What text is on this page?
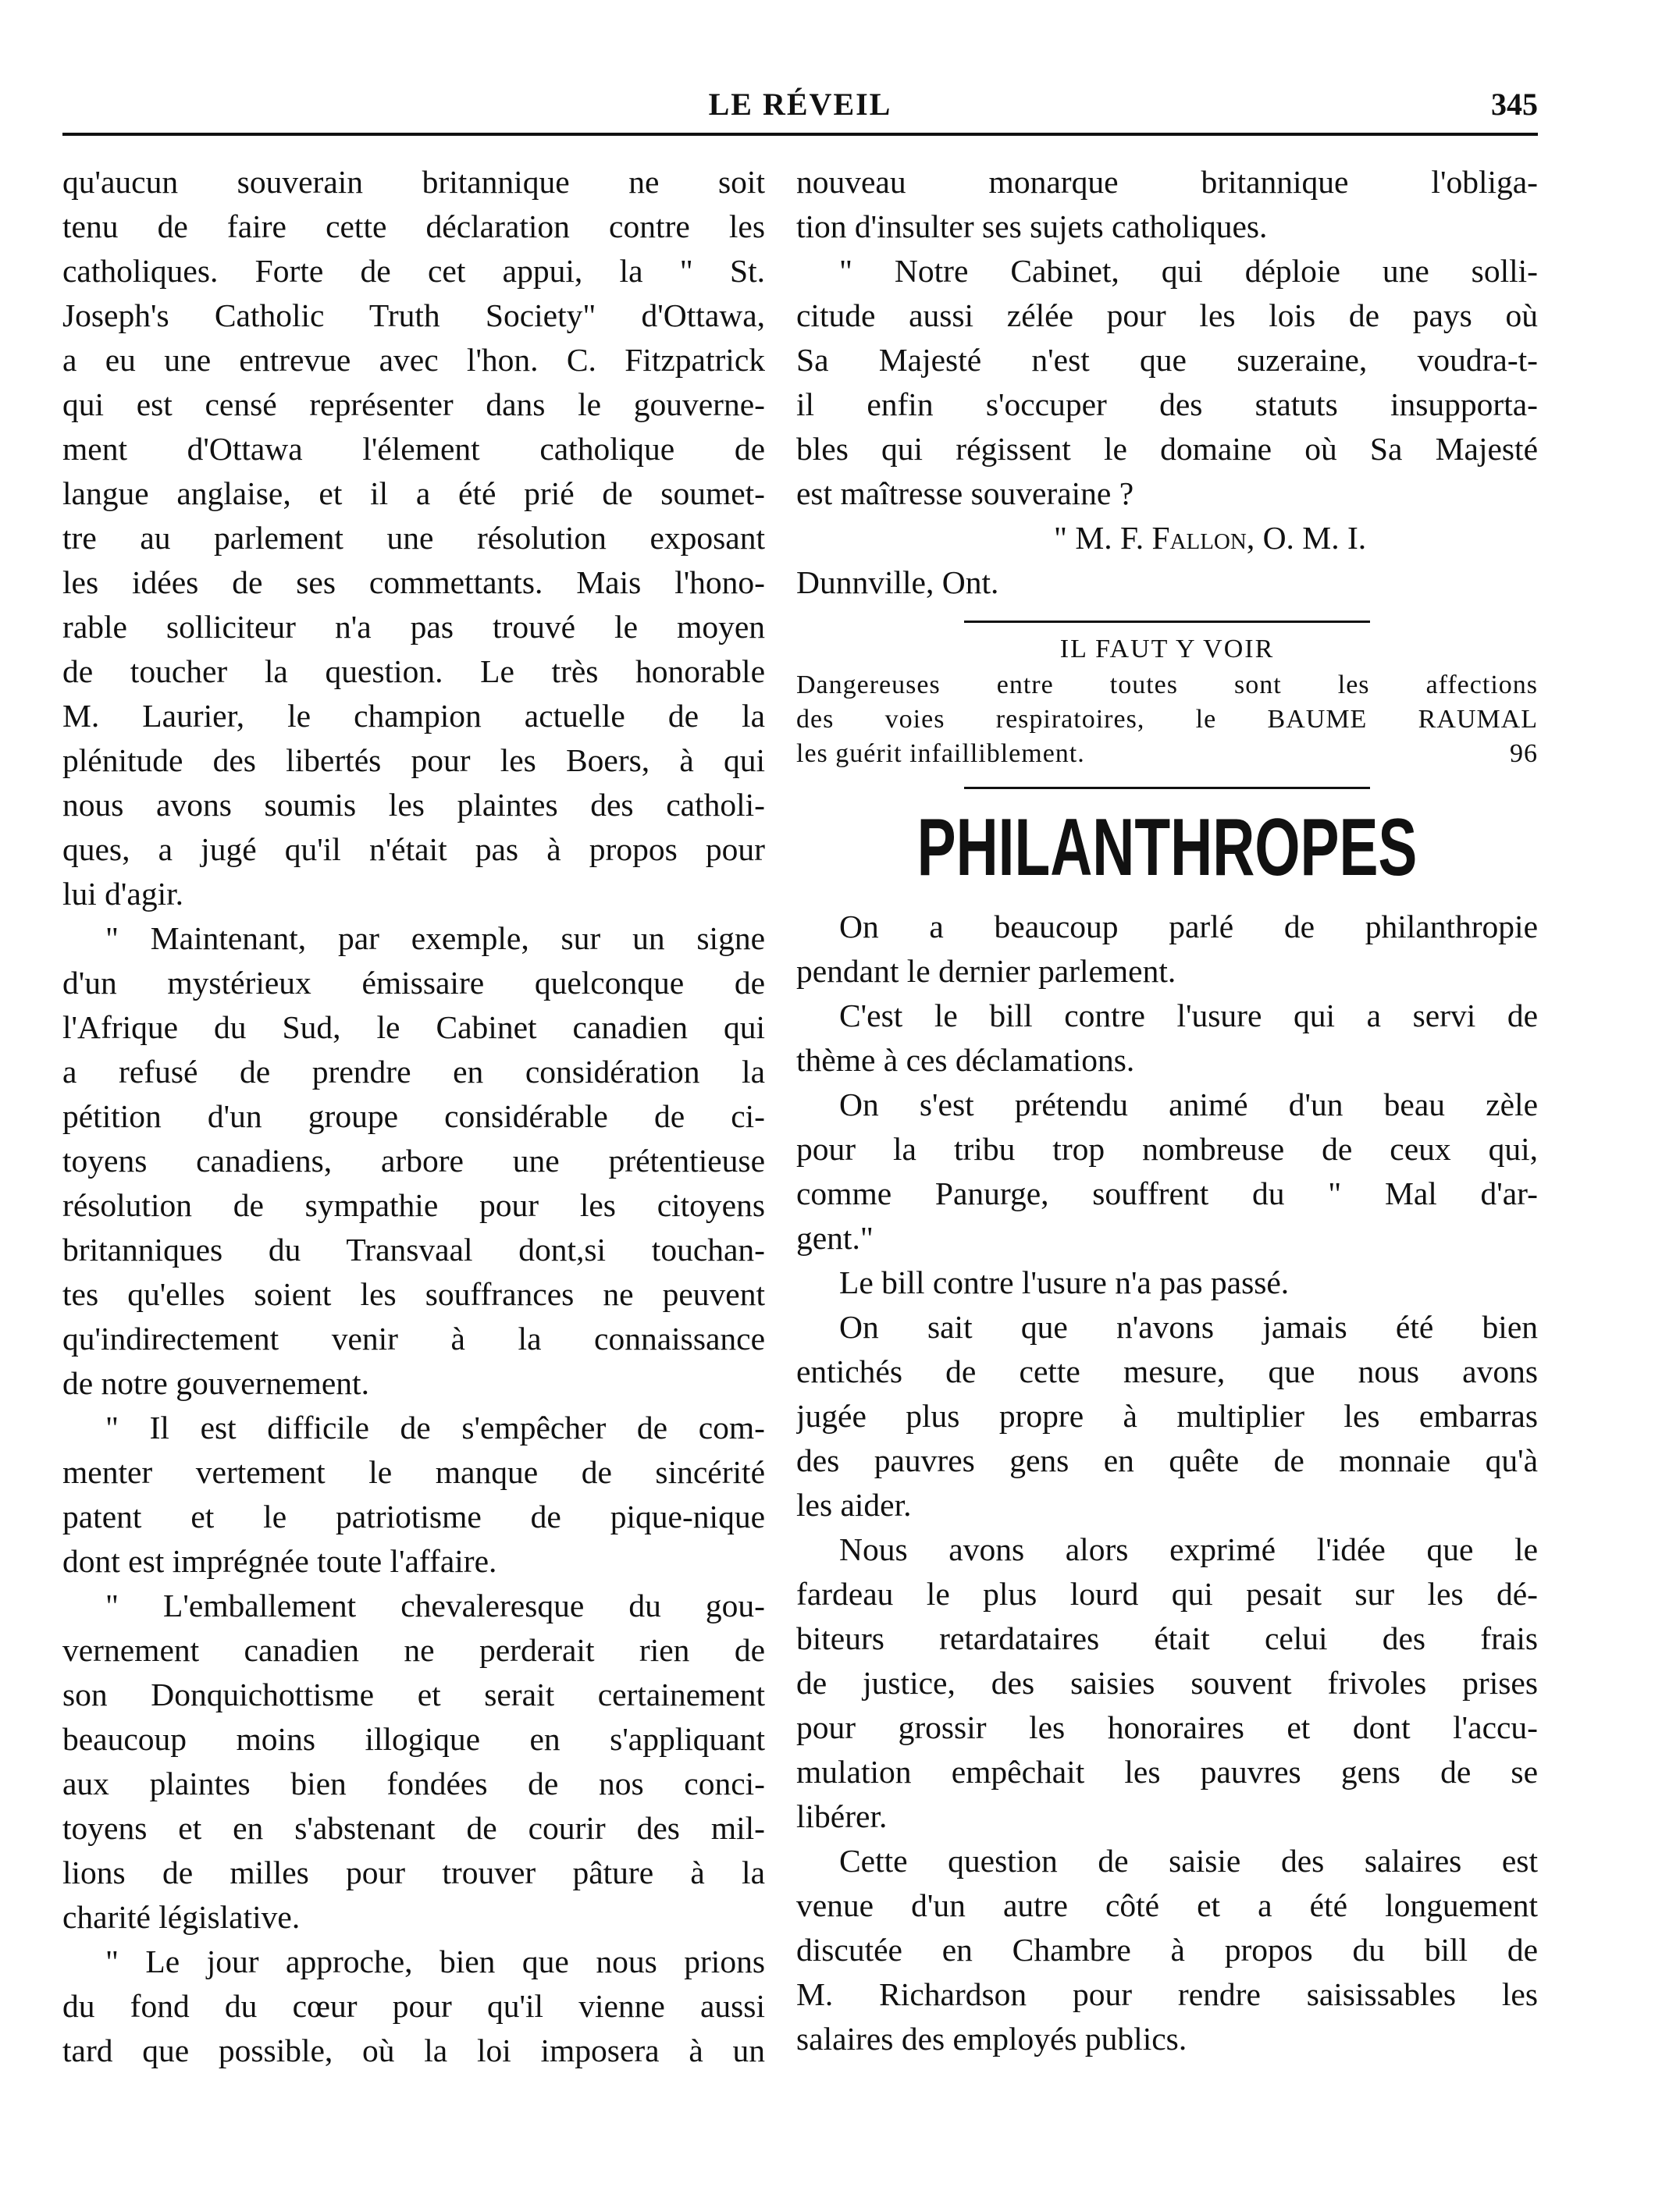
LE RÉVEIL	345
qu'aucun souverain britannique ne soit
tenu de faire cette déclaration contre les
catholiques. Forte de cet appui, la " St.
Joseph's Catholic Truth Society" d'Ottawa,
a eu une entrevue avec l'hon. C. Fitzpatrick
qui est censé représenter dans le gouverne-
ment d'Ottawa l'élement catholique de
langue anglaise, et il a été prié de soumet-
tre au parlement une résolution exposant
les idées de ses commettants. Mais l'hono-
rable solliciteur n'a pas trouvé le moyen
de toucher la question. Le très honorable
M. Laurier, le champion actuelle de la
plénitude des libertés pour les Boers, à qui
nous avons soumis les plaintes des catholi-
ques, a jugé qu'il n'était pas à propos pour
lui d'agir.
" Maintenant, par exemple, sur un signe
d'un mystérieux émissaire quelconque de
l'Afrique du Sud, le Cabinet canadien qui
a refusé de prendre en considération la
pétition d'un groupe considérable de ci-
toyens canadiens, arbore une prétentieuse
résolution de sympathie pour les citoyens
britanniques du Transvaal dont,si touchan-
tes qu'elles soient les souffrances ne peuvent
qu'indirectement venir à la connaissance
de notre gouvernement.
" Il est difficile de s'empêcher de com-
menter vertement le manque de sincérité
patent et le patriotisme de pique-nique
dont est imprégnée toute l'affaire.
" L'emballement chevaleresque du gou-
vernement canadien ne perderait rien de
son Donquichottisme et serait certainement
beaucoup moins illogique en s'appliquant
aux plaintes bien fondées de nos conci-
toyens et en s'abstenant de courir des mil-
lions de milles pour trouver pâture à la
charité législative.
" Le jour approche, bien que nous prions
du fond du cœur pour qu'il vienne aussi
tard que possible, où la loi imposera à un
nouveau monarque britannique l'obliga-
tion d'insulter ses sujets catholiques.
" Notre Cabinet, qui déploie une solli-
citude aussi zélée pour les lois de pays où
Sa Majesté n'est que suzeraine, voudra-t-
il enfin s'occuper des statuts insupporta-
bles qui régissent le domaine où Sa Majesté
est maîtresse souveraine ?
" M. F. Fallon, O. M. I.
Dunnville, Ont.
IL FAUT Y VOIR
Dangereuses entre toutes sont les affections
des voies respiratoires, le BAUME RAUMAL
les guérit infailliblement.	96
PHILANTHROPES
On a beaucoup parlé de philanthropie
pendant le dernier parlement.
C'est le bill contre l'usure qui a servi de
thème à ces déclamations.
On s'est prétendu animé d'un beau zèle
pour la tribu trop nombreuse de ceux qui,
comme Panurge, souffrent du " Mal d'ar-
gent."
Le bill contre l'usure n'a pas passé.
On sait que n'avons jamais été bien
entichés de cette mesure, que nous avons
jugée plus propre à multiplier les embarras
des pauvres gens en quête de monnaie qu'à
les aider.
Nous avons alors exprimé l'idée que le
fardeau le plus lourd qui pesait sur les dé-
biteurs retardataires était celui des frais
de justice, des saisies souvent frivoles prises
pour grossir les honoraires et dont l'accu-
mulation empêchait les pauvres gens de se
libérer.
Cette question de saisie des salaires est
venue d'un autre côté et a été longuement
discutée en Chambre à propos du bill de
M. Richardson pour rendre saisissables les
salaires des employés publics.
